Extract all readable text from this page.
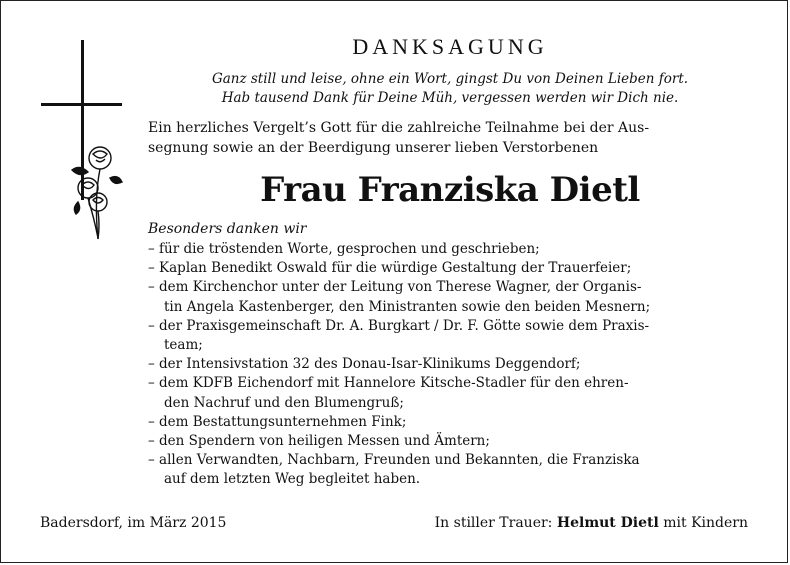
DANKSAGUNG
Ganz still und leise, ohne ein Wort, gingst Du von Deinen Lieben fort.
Hab tausend Dank für Deine Müh, vergessen werden wir Dich nie.
Ein herzliches Vergelt’s Gott für die zahlreiche Teilnahme bei der Aus-
segnung sowie an der Beerdigung unserer lieben Verstorbenen
Frau Franziska Dietl
Besonders danken wir
– für die tröstenden Worte, gesprochen und geschrieben;
– Kaplan Benedikt Oswald für die würdige Gestaltung der Trauerfeier;
– dem Kirchenchor unter der Leitung von Therese Wagner, der Organis-
tin Angela Kastenberger, den Ministranten sowie den beiden Mesnern;
– der Praxisgemeinschaft Dr. A. Burgkart / Dr. F. Götte sowie dem Praxis-
team;
– der Intensivstation 32 des Donau-Isar-Klinikums Deggendorf;
– dem KDFB Eichendorf mit Hannelore Kitsche-Stadler für den ehren-
den Nachruf und den Blumengruß;
– dem Bestattungsunternehmen Fink;
– den Spendern von heiligen Messen und Ämtern;
– allen Verwandten, Nachbarn, Freunden und Bekannten, die Franziska
auf dem letzten Weg begleitet haben.
Badersdorf, im März 2015	In stiller Trauer: Helmut Dietl mit Kindern
